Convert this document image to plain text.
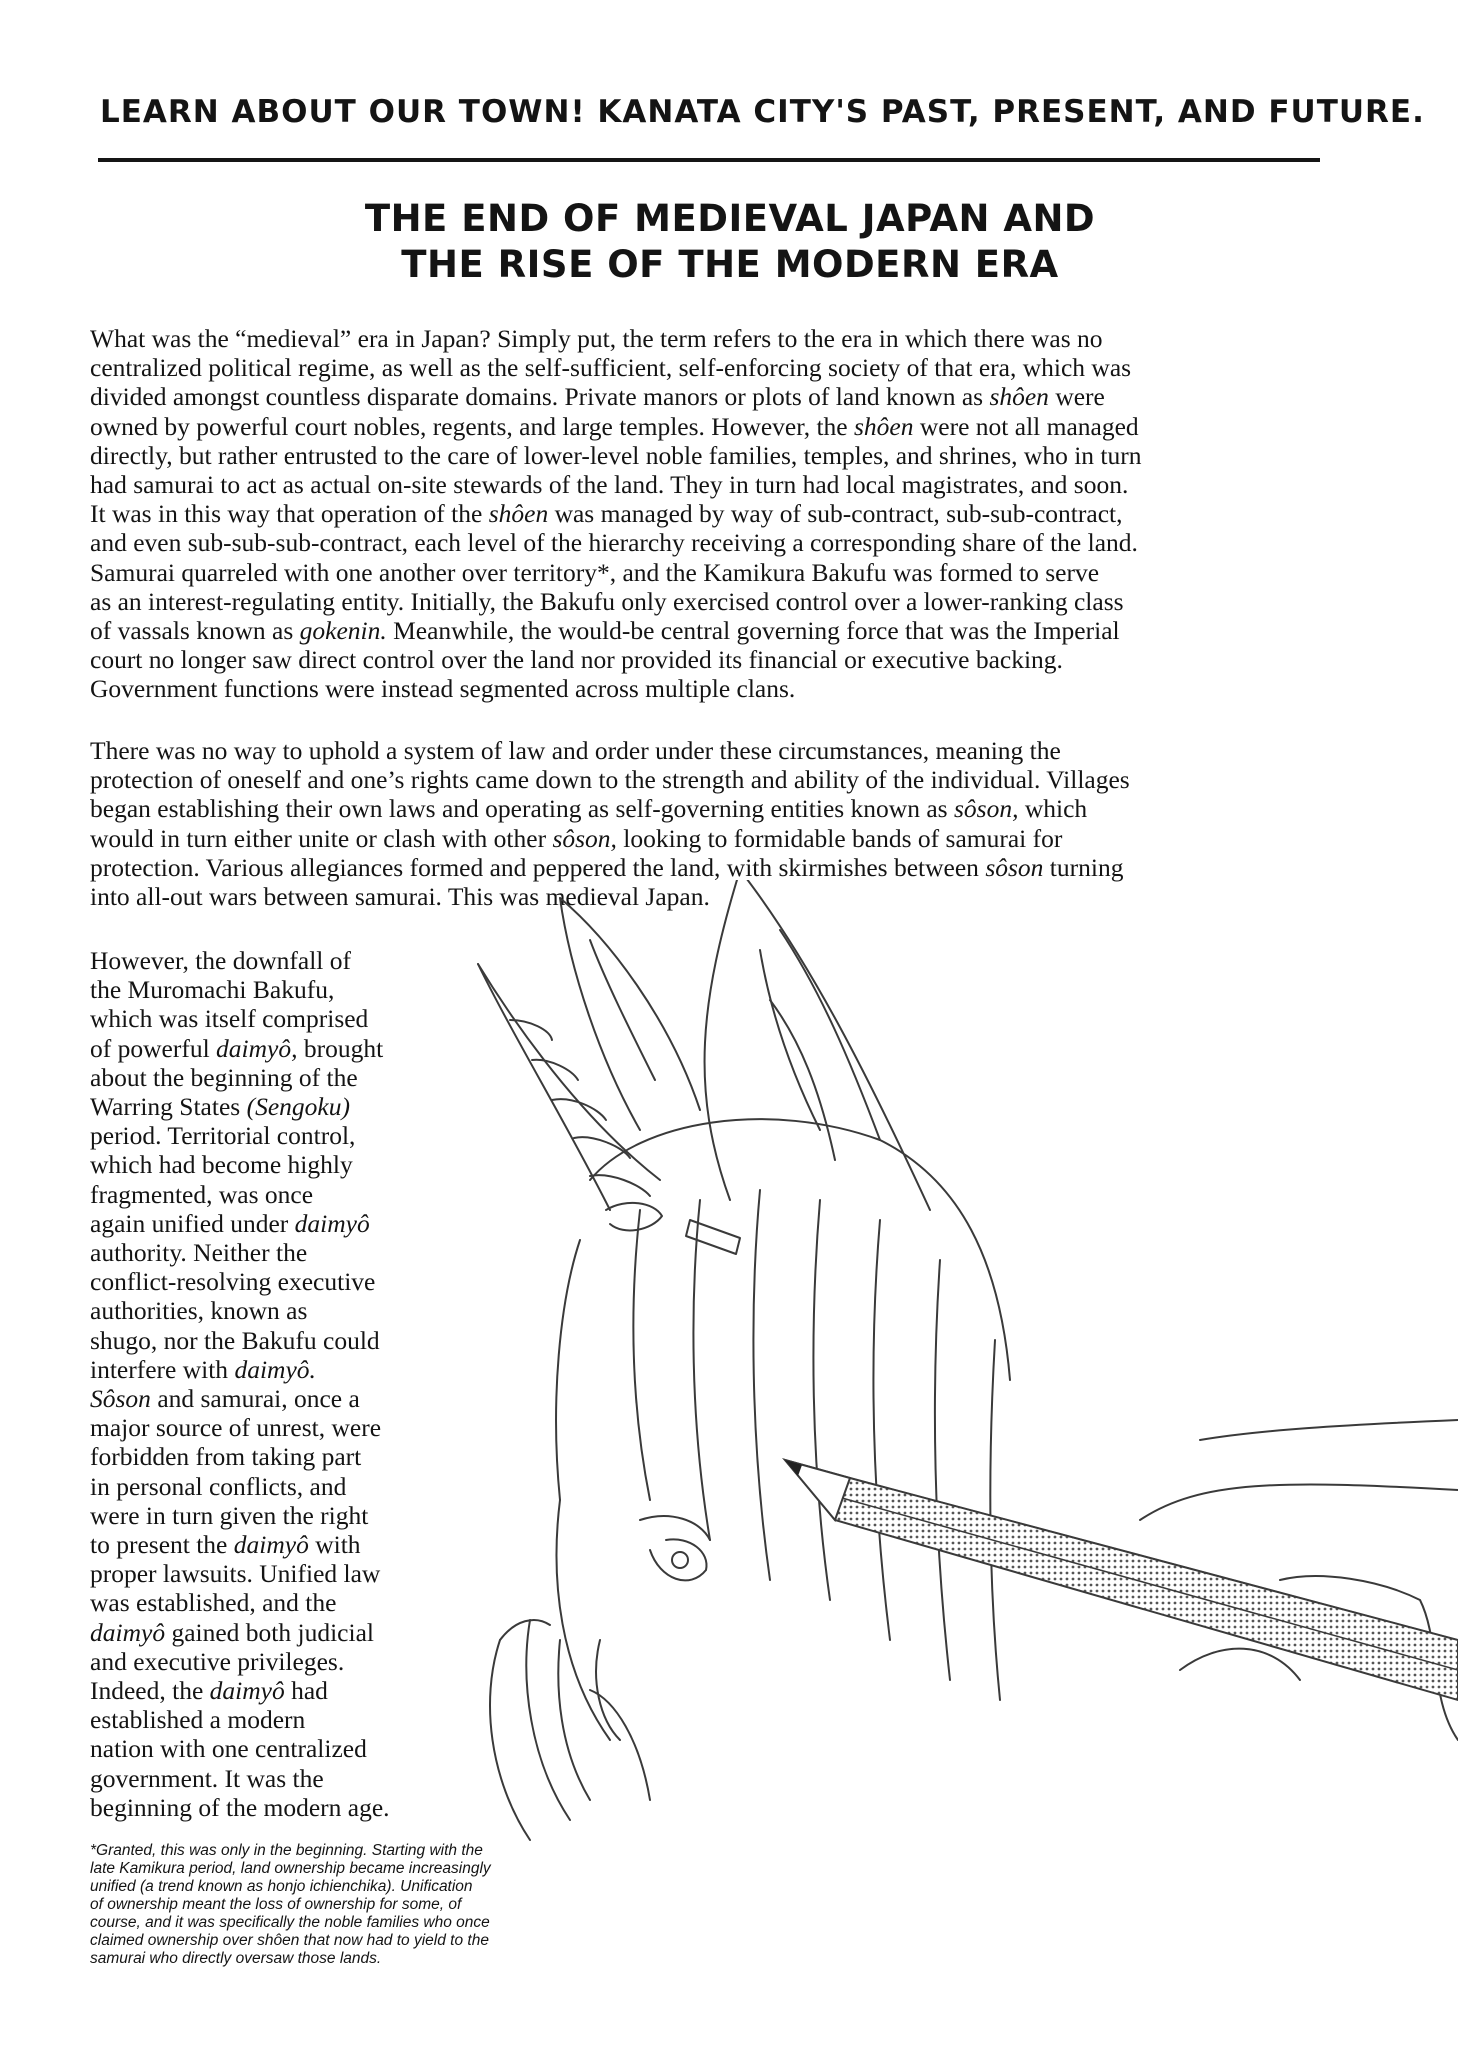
LEARN ABOUT OUR TOWN! KANATA CITY'S PAST, PRESENT, AND FUTURE.
THE END OF MEDIEVAL JAPAN AND
THE RISE OF THE MODERN ERA

What was the “medieval” era in Japan? Simply put, the term refers to the era in which there was no
centralized political regime, as well as the self-sufficient, self-enforcing society of that era, which was
divided amongst countless disparate domains. Private manors or plots of land known as shôen were
owned by powerful court nobles, regents, and large temples. However, the shôen were not all managed
directly, but rather entrusted to the care of lower-level noble families, temples, and shrines, who in turn
had samurai to act as actual on-site stewards of the land. They in turn had local magistrates, and soon.
It was in this way that operation of the shôen was managed by way of sub-contract, sub-sub-contract,
and even sub-sub-sub-contract, each level of the hierarchy receiving a corresponding share of the land.
Samurai quarreled with one another over territory*, and the Kamikura Bakufu was formed to serve
as an interest-regulating entity. Initially, the Bakufu only exercised control over a lower-ranking class
of vassals known as gokenin. Meanwhile, the would-be central governing force that was the Imperial
court no longer saw direct control over the land nor provided its financial or executive backing.
Government functions were instead segmented across multiple clans.

There was no way to uphold a system of law and order under these circumstances, meaning the
protection of oneself and one’s rights came down to the strength and ability of the individual. Villages
began establishing their own laws and operating as self-governing entities known as sôson, which
would in turn either unite or clash with other sôson, looking to formidable bands of samurai for
protection. Various allegiances formed and peppered the land, with skirmishes between sôson turning
into all-out wars between samurai. This was medieval Japan.

However, the downfall of
the Muromachi Bakufu,
which was itself comprised
of powerful daimyô, brought
about the beginning of the
Warring States (Sengoku)
period. Territorial control,
which had become highly
fragmented, was once
again unified under daimyô
authority. Neither the
conflict-resolving executive
authorities, known as
shugo, nor the Bakufu could
interfere with daimyô.
Sôson and samurai, once a
major source of unrest, were
forbidden from taking part
in personal conflicts, and
were in turn given the right
to present the daimyô with
proper lawsuits. Unified law
was established, and the
daimyô gained both judicial
and executive privileges.
Indeed, the daimyô had
established a modern
nation with one centralized
government. It was the
beginning of the modern age.

*Granted, this was only in the beginning. Starting with the
late Kamikura period, land ownership became increasingly
unified (a trend known as honjo ichienchika). Unification
of ownership meant the loss of ownership for some, of
course, and it was specifically the noble families who once
claimed ownership over shôen that now had to yield to the
samurai who directly oversaw those lands.
